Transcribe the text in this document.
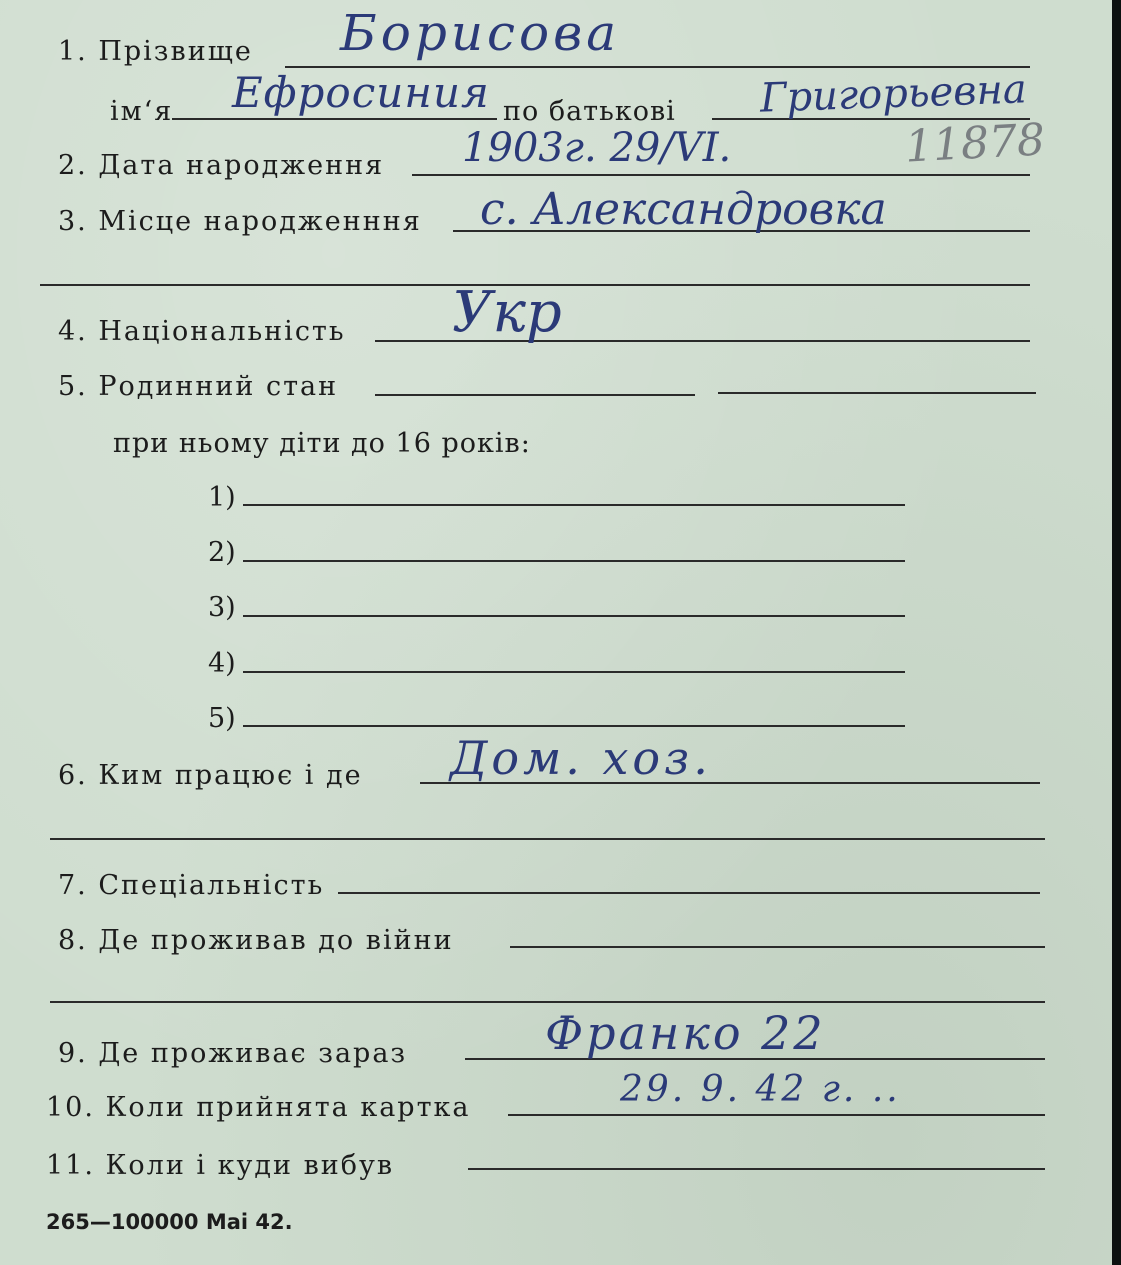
1. Прізвище Борисова
ім‘я Ефросиния по батькові Григорьевна
2. Дата народження 1903г. 29/VI.	11878
3. Місце народженння с. Александровка
4. Національність Укр
5. Родинний стан
при ньому діти до 16 років:
1)
2)
3)
4)
5)
6. Ким працює і де Дом. хоз.
7. Спеціальність
8. Де проживав до війни
9. Де проживає зараз	Франко 22
10. Коли прийнята картка	29. 9. 42 г. ..
11. Коли і куди вибув
265—100000 Mai 42.
